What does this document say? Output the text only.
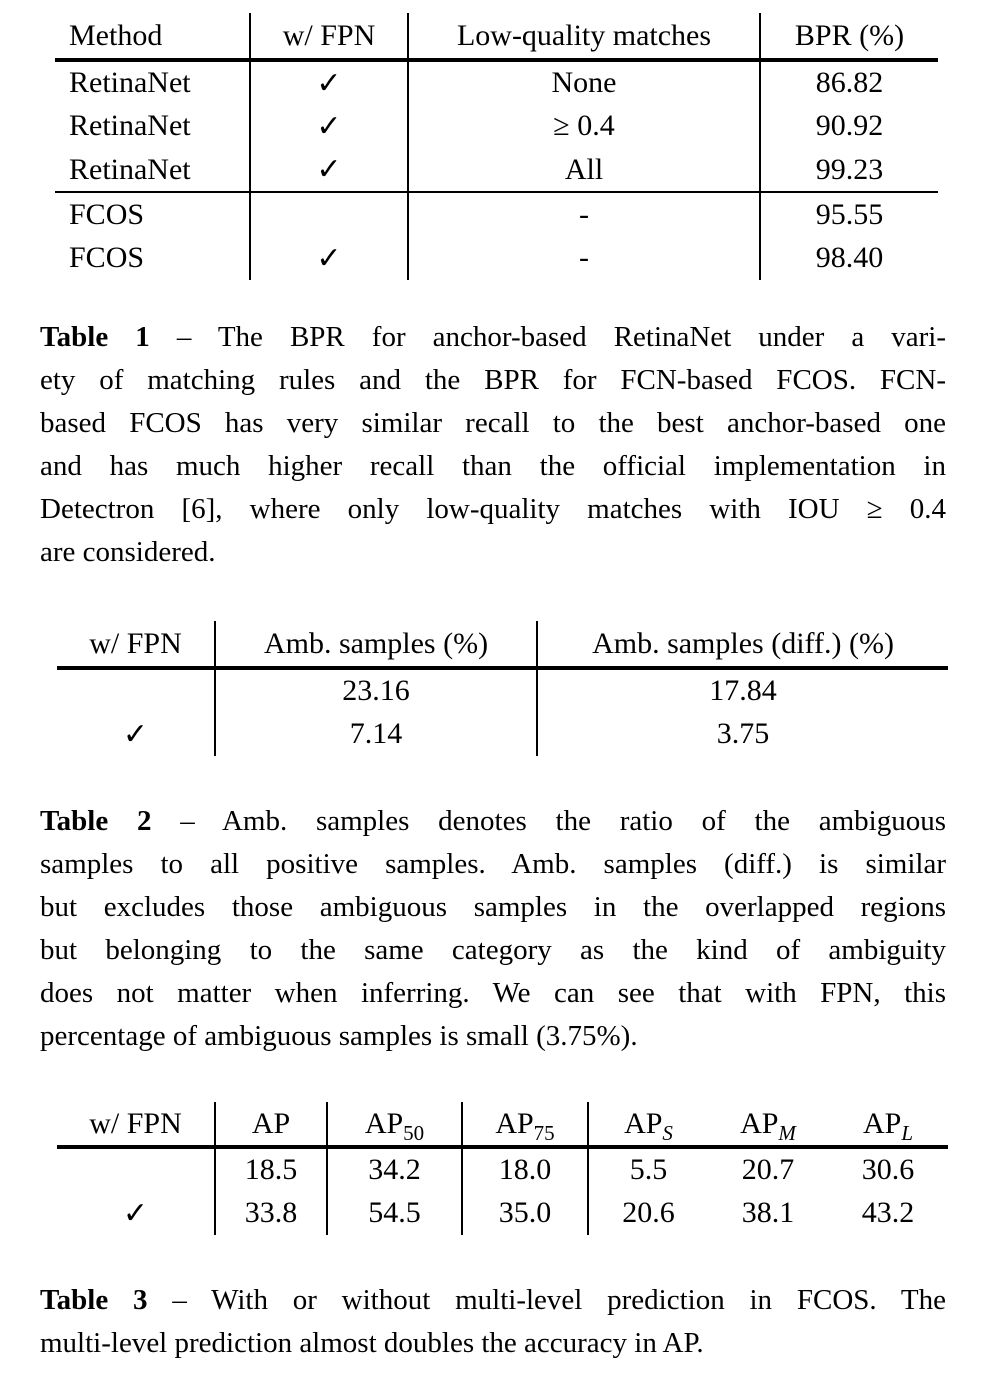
Method	w/ FPN	Low-quality matches	BPR (%)
RetinaNet	✓	None	86.82
RetinaNet	✓	≥ 0.4	90.92
RetinaNet	✓	All	99.23
FCOS		-	95.55
FCOS	✓	-	98.40
Table 1 – The BPR for anchor-based RetinaNet under a vari-
ety of matching rules and the BPR for FCN-based FCOS. FCN-
based FCOS has very similar recall to the best anchor-based one
and has much higher recall than the official implementation in
Detectron [6], where only low-quality matches with IOU ≥ 0.4
are considered.
w/ FPN	Amb. samples (%)	Amb. samples (diff.) (%)
	23.16	17.84
✓	7.14	3.75
Table 2 – Amb. samples denotes the ratio of the ambiguous
samples to all positive samples. Amb. samples (diff.) is similar
but excludes those ambiguous samples in the overlapped regions
but belonging to the same category as the kind of ambiguity
does not matter when inferring. We can see that with FPN, this
percentage of ambiguous samples is small (3.75%).
w/ FPN	AP	$AP_{50}$	$AP_{75}$	$AP_S$	$AP_M$	$AP_L$
	18.5	34.2	18.0	5.5	20.7	30.6
✓	33.8	54.5	35.0	20.6	38.1	43.2
Table 3 – With or without multi-level prediction in FCOS. The
multi-level prediction almost doubles the accuracy in AP.
